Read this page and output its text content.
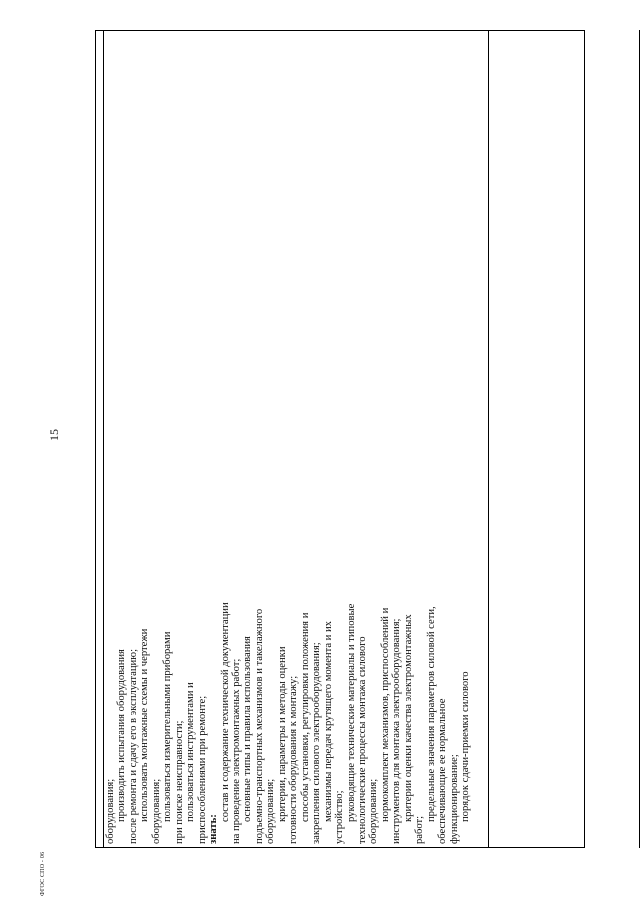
15
оборудования; производить испытания оборудования после ремонта и сдачу его в эксплуатацию; использовать монтажные схемы и чертежи оборудования; пользоваться измерительными приборами при поиске неисправности; пользоваться инструментами и приспособлениями при ремонте; знать:
состав и содержание технической документации на проведение электромонтажных работ; основные типы и правила использования подъемно-транспортных механизмов и такелажного оборудования; критерии, параметры и методы оценки готовности оборудования к монтажу; способы установки, регулировки положения и закрепления силового электрооборудования; механизмы передач крутящего момента и их устройство; руководящие технические материалы и типовые технологические процессы монтажа силового оборудования; нормокомплект механизмов, приспособлений и инструментов для монтажа электрооборудования; критерии оценки качества электромонтажных
работ;
предельные значения параметров силовой сети, обеспечивающие ее нормальное функционирование; порядок сдачи-приемки силового
ФГОС СПО - 06
